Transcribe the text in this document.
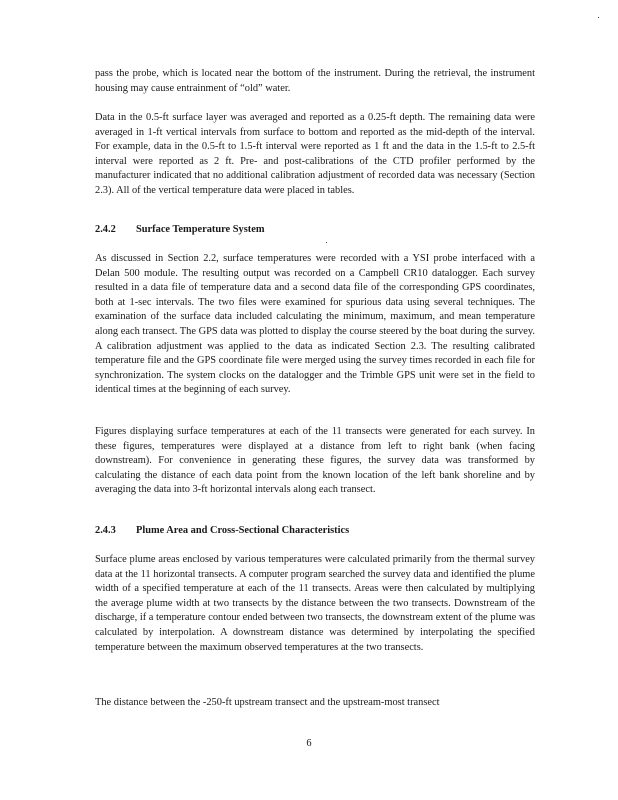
pass the probe, which is located near the bottom of the instrument. During the retrieval, the instrument housing may cause entrainment of “old” water.

Data in the 0.5-ft surface layer was averaged and reported as a 0.25-ft depth. The remaining data were averaged in 1-ft vertical intervals from surface to bottom and reported as the mid-depth of the interval. For example, data in the 0.5-ft to 1.5-ft interval were reported as 1 ft and the data in the 1.5-ft to 2.5-ft interval were reported as 2 ft. Pre- and post-calibrations of the CTD profiler performed by the manufacturer indicated that no additional calibration adjustment of recorded data was necessary (Section 2.3). All of the vertical temperature data were placed in tables.

2.4.2 Surface Temperature System

As discussed in Section 2.2, surface temperatures were recorded with a YSI probe interfaced with a Delan 500 module. The resulting output was recorded on a Campbell CR10 datalogger. Each survey resulted in a data file of temperature data and a second data file of the corresponding GPS coordinates, both at 1-sec intervals. The two files were examined for spurious data using several techniques. The examination of the surface data included calculating the minimum, maximum, and mean temperature along each transect. The GPS data was plotted to display the course steered by the boat during the survey. A calibration adjustment was applied to the data as indicated Section 2.3. The resulting calibrated temperature file and the GPS coordinate file were merged using the survey times recorded in each file for synchronization. The system clocks on the datalogger and the Trimble GPS unit were set in the field to identical times at the beginning of each survey.

Figures displaying surface temperatures at each of the 11 transects were generated for each survey. In these figures, temperatures were displayed at a distance from left to right bank (when facing downstream). For convenience in generating these figures, the survey data was transformed by calculating the distance of each data point from the known location of the left bank shoreline and by averaging the data into 3-ft horizontal intervals along each transect.

2.4.3 Plume Area and Cross-Sectional Characteristics

Surface plume areas enclosed by various temperatures were calculated primarily from the thermal survey data at the 11 horizontal transects. A computer program searched the survey data and identified the plume width of a specified temperature at each of the 11 transects. Areas were then calculated by multiplying the average plume width at two transects by the distance between the two transects. Downstream of the discharge, if a temperature contour ended between two transects, the downstream extent of the plume was calculated by interpolation. A downstream distance was determined by interpolating the specified temperature between the maximum observed temperatures at the two transects.

The distance between the -250-ft upstream transect and the upstream-most transect

6
